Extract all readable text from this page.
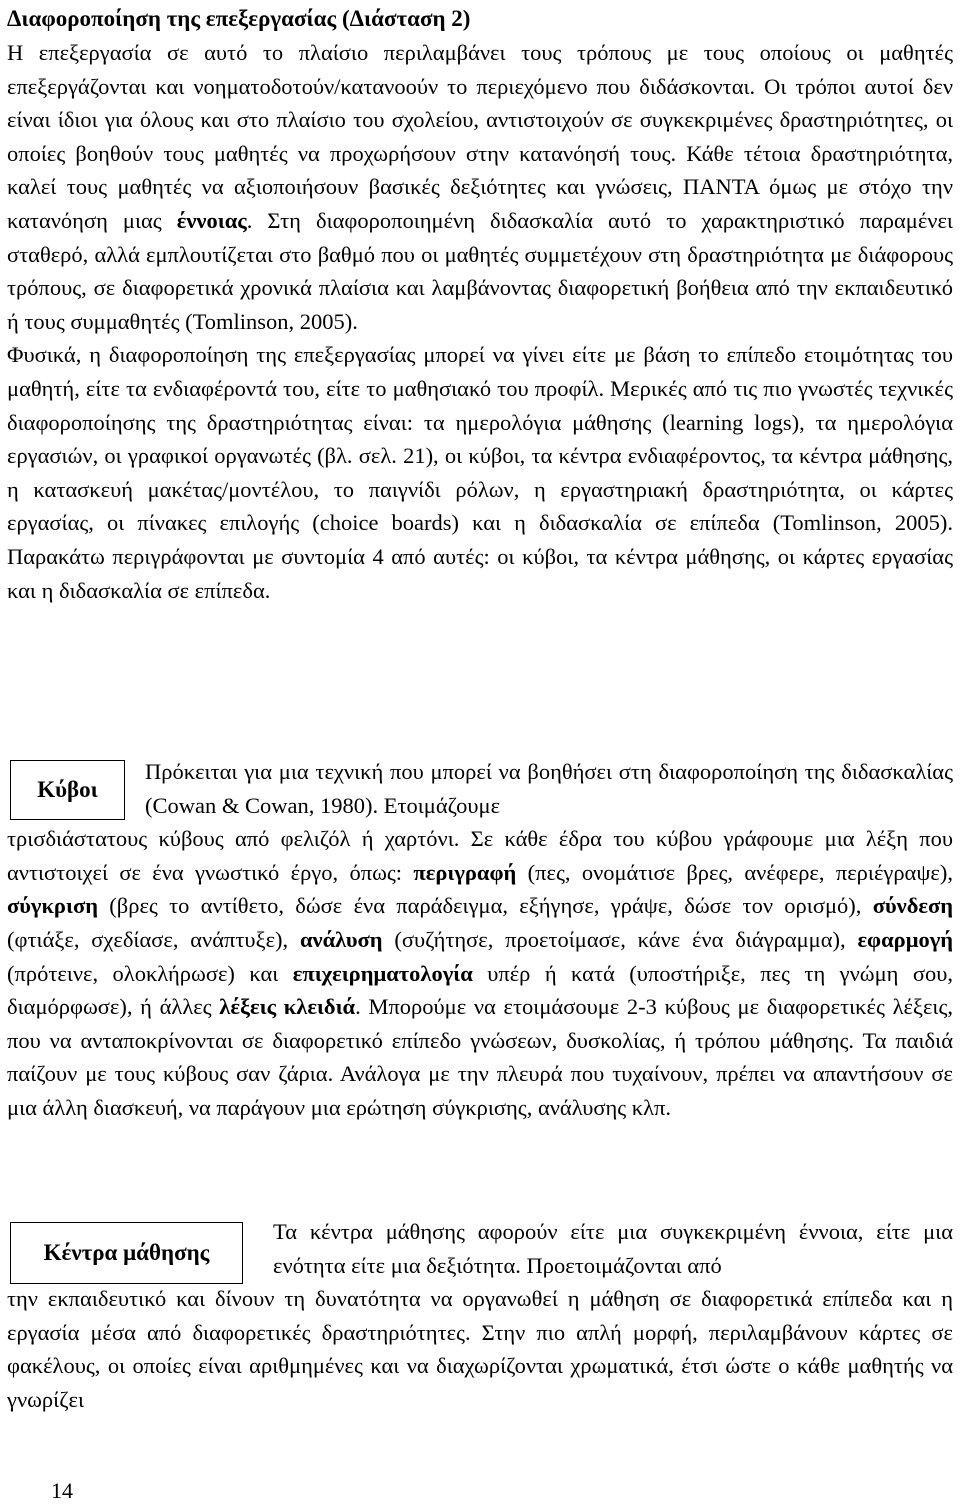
Διαφοροποίηση της επεξεργασίας (Διάσταση 2)

Η επεξεργασία σε αυτό το πλαίσιο περιλαμβάνει τους τρόπους με τους οποίους οι μαθητές επεξεργάζονται και νοηματοδοτούν/κατανοούν το περιεχόμενο που διδάσκονται. Οι τρόποι αυτοί δεν είναι ίδιοι για όλους και στο πλαίσιο του σχολείου, αντιστοιχούν σε συγκεκριμένες δραστηριότητες, οι οποίες βοηθούν τους μαθητές να προχωρήσουν στην κατανόησή τους. Κάθε τέτοια δραστηριότητα, καλεί τους μαθητές να αξιοποιήσουν βασικές δεξιότητες και γνώσεις, ΠΑΝΤΑ όμως με στόχο την κατανόηση μιας έννοιας. Στη διαφοροποιημένη διδασκαλία αυτό το χαρακτηριστικό παραμένει σταθερό, αλλά εμπλουτίζεται στο βαθμό που οι μαθητές συμμετέχουν στη δραστηριότητα με διάφορους τρόπους, σε διαφορετικά χρονικά πλαίσια και λαμβάνοντας διαφορετική βοήθεια από την εκπαιδευτικό ή τους συμμαθητές (Tomlinson, 2005).

Φυσικά, η διαφοροποίηση της επεξεργασίας μπορεί να γίνει είτε με βάση το επίπεδο ετοιμότητας του μαθητή, είτε τα ενδιαφέροντά του, είτε το μαθησιακό του προφίλ. Μερικές από τις πιο γνωστές τεχνικές διαφοροποίησης της δραστηριότητας είναι: τα ημερολόγια μάθησης (learning logs), τα ημερολόγια εργασιών, οι γραφικοί οργανωτές (βλ. σελ. 21), οι κύβοι, τα κέντρα ενδιαφέροντος, τα κέντρα μάθησης, η κατασκευή μακέτας/μοντέλου, το παιγνίδι ρόλων, η εργαστηριακή δραστηριότητα, οι κάρτες εργασίας, οι πίνακες επιλογής (choice boards) και η διδασκαλία σε επίπεδα (Tomlinson, 2005). Παρακάτω περιγράφονται με συντομία 4 από αυτές: οι κύβοι, τα κέντρα μάθησης, οι κάρτες εργασίας και η διδασκαλία σε επίπεδα.

Κύβοι

Πρόκειται για μια τεχνική που μπορεί να βοηθήσει στη διαφοροποίηση της διδασκαλίας (Cowan & Cowan, 1980). Ετοιμάζουμε

τρισδιάστατους κύβους από φελιζόλ ή χαρτόνι. Σε κάθε έδρα του κύβου γράφουμε μια λέξη που αντιστοιχεί σε ένα γνωστικό έργο, όπως: περιγραφή (πες, ονομάτισε βρες, ανέφερε, περιέγραψε), σύγκριση (βρες το αντίθετο, δώσε ένα παράδειγμα, εξήγησε, γράψε, δώσε τον ορισμό), σύνδεση (φτιάξε, σχεδίασε, ανάπτυξε), ανάλυση (συζήτησε, προετοίμασε, κάνε ένα διάγραμμα), εφαρμογή (πρότεινε, ολοκλήρωσε) και επιχειρηματολογία υπέρ ή κατά (υποστήριξε, πες τη γνώμη σου, διαμόρφωσε), ή άλλες λέξεις κλειδιά. Μπορούμε να ετοιμάσουμε 2-3 κύβους με διαφορετικές λέξεις, που να ανταποκρίνονται σε διαφορετικό επίπεδο γνώσεων, δυσκολίας, ή τρόπου μάθησης. Τα παιδιά παίζουν με τους κύβους σαν ζάρια. Ανάλογα με την πλευρά που τυχαίνουν, πρέπει να απαντήσουν σε μια άλλη διασκευή, να παράγουν μια ερώτηση σύγκρισης, ανάλυσης κλπ.

Κέντρα μάθησης

Τα κέντρα μάθησης αφορούν είτε μια συγκεκριμένη έννοια, είτε μια ενότητα είτε μια δεξιότητα. Προετοιμάζονται από

την εκπαιδευτικό και δίνουν τη δυνατότητα να οργανωθεί η μάθηση σε διαφορετικά επίπεδα και η εργασία μέσα από διαφορετικές δραστηριότητες. Στην πιο απλή μορφή, περιλαμβάνουν κάρτες σε φακέλους, οι οποίες είναι αριθμημένες και να διαχωρίζονται χρωματικά, έτσι ώστε ο κάθε μαθητής να γνωρίζει

14
